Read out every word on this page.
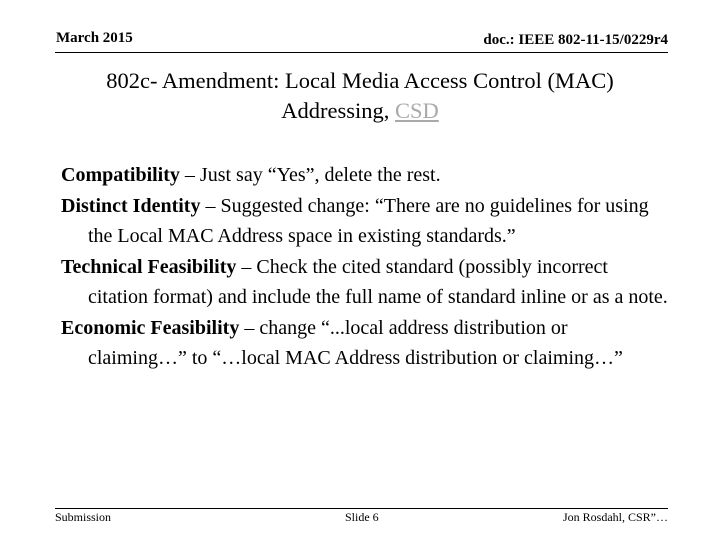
March 2015	doc.: IEEE 802-11-15/0229r4
802c- Amendment: Local Media Access Control (MAC)
Addressing, CSD

Compatibility – Just say “Yes”, delete the rest.

Distinct Identity – Suggested change: “There are no guidelines for using the Local MAC Address space in existing standards.”

Technical Feasibility – Check the cited standard (possibly incorrect citation format) and include the full name of standard inline or as a note.

Economic Feasibility – change “...local address distribution or claiming…” to “…local MAC Address distribution or claiming…”

Submission	Slide 6	Jon Rosdahl, CSR”…
